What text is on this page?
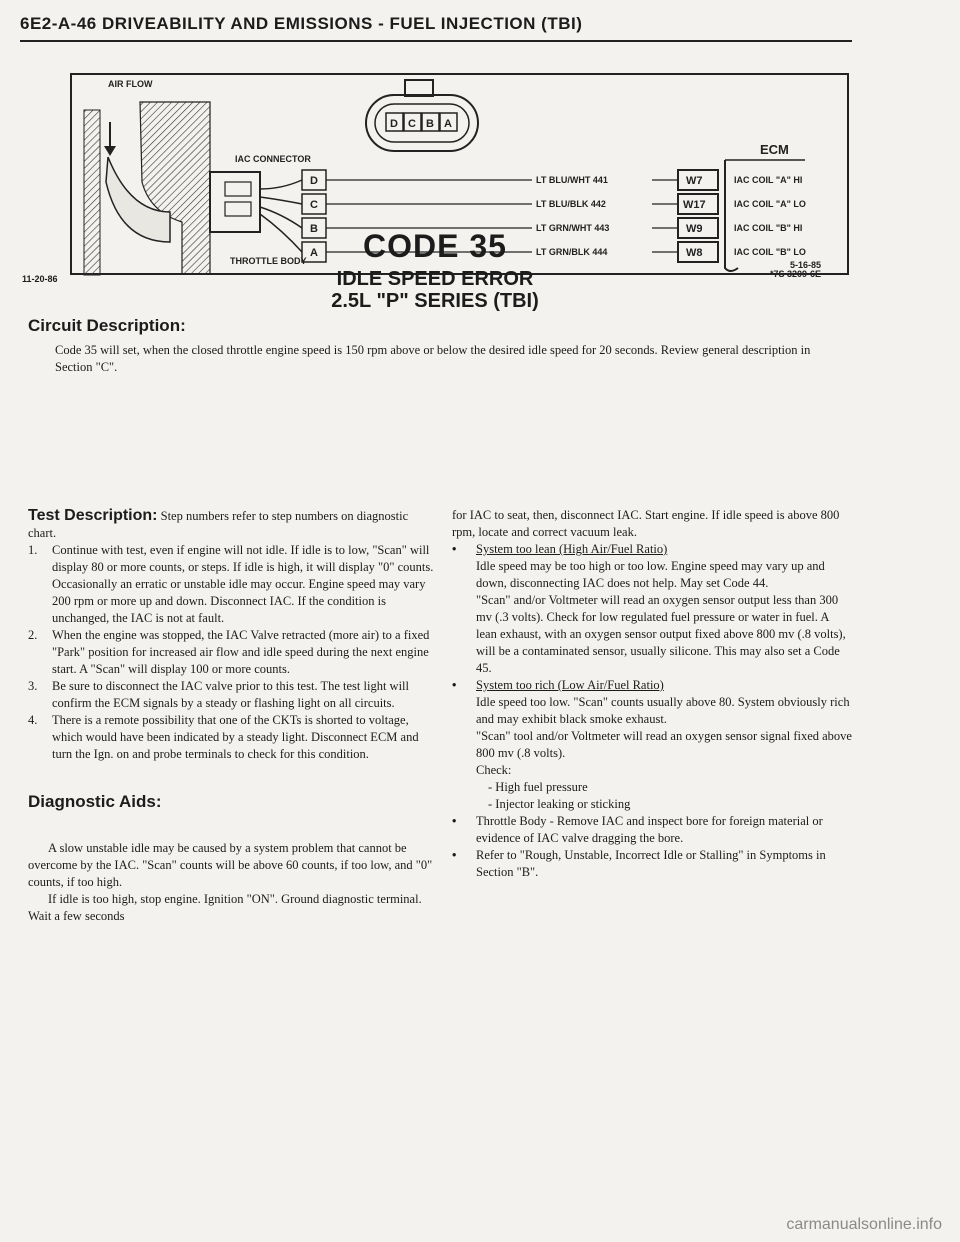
6E2-A-46 DRIVEABILITY AND EMISSIONS - FUEL INJECTION (TBI)
D C B A
AIR FLOW
IAC CONNECTOR
THROTTLE BODY
D
C
B
A
LT BLU/WHT 441
LT BLU/BLK 442
LT GRN/WHT 443
LT GRN/BLK 444
W7
W17
W9
W8
ECM
IAC COIL "A" HI
IAC COIL "A" LO
IAC COIL "B" HI
IAC COIL "B" LO
5-16-85
*7S 3209-6E
11-20-86
CODE 35
IDLE SPEED ERROR
2.5L "P" SERIES (TBI)
Circuit Description:
Code 35 will set, when the closed throttle engine speed is 150 rpm above or below the desired idle speed for 20 seconds. Review general description in Section "C".

Test Description: Step numbers refer to step numbers on diagnostic chart.

1. Continue with test, even if engine will not idle. If idle is to low, "Scan" will display 80 or more counts, or steps. If idle is high, it will display "0" counts. Occasionally an erratic or unstable idle may occur. Engine speed may vary 200 rpm or more up and down. Disconnect IAC. If the condition is unchanged, the IAC is not at fault.

2. When the engine was stopped, the IAC Valve retracted (more air) to a fixed "Park" position for increased air flow and idle speed during the next engine start. A "Scan" will display 100 or more counts.

3. Be sure to disconnect the IAC valve prior to this test. The test light will confirm the ECM signals by a steady or flashing light on all circuits.

4. There is a remote possibility that one of the CKTs is shorted to voltage, which would have been indicated by a steady light. Disconnect ECM and turn the Ign. on and probe terminals to check for this condition.

Diagnostic Aids:

A slow unstable idle may be caused by a system problem that cannot be overcome by the IAC. "Scan" counts will be above 60 counts, if too low, and "0" counts, if too high.

If idle is too high, stop engine. Ignition "ON". Ground diagnostic terminal. Wait a few seconds

for IAC to seat, then, disconnect IAC. Start engine. If idle speed is above 800 rpm, locate and correct vacuum leak.

• System too lean (High Air/Fuel Ratio)
Idle speed may be too high or too low. Engine speed may vary up and down, disconnecting IAC does not help. May set Code 44.
"Scan" and/or Voltmeter will read an oxygen sensor output less than 300 mv (.3 volts). Check for low regulated fuel pressure or water in fuel. A lean exhaust, with an oxygen sensor output fixed above 800 mv (.8 volts), will be a contaminated sensor, usually silicone. This may also set a Code 45.

• System too rich (Low Air/Fuel Ratio)
Idle speed too low. "Scan" counts usually above 80. System obviously rich and may exhibit black smoke exhaust.
"Scan" tool and/or Voltmeter will read an oxygen sensor signal fixed above 800 mv (.8 volts).
Check:

- High fuel pressure

- Injector leaking or sticking

• Throttle Body - Remove IAC and inspect bore for foreign material or evidence of IAC valve dragging the bore.

• Refer to "Rough, Unstable, Incorrect Idle or Stalling" in Symptoms in Section "B".

carmanualsonline.info
